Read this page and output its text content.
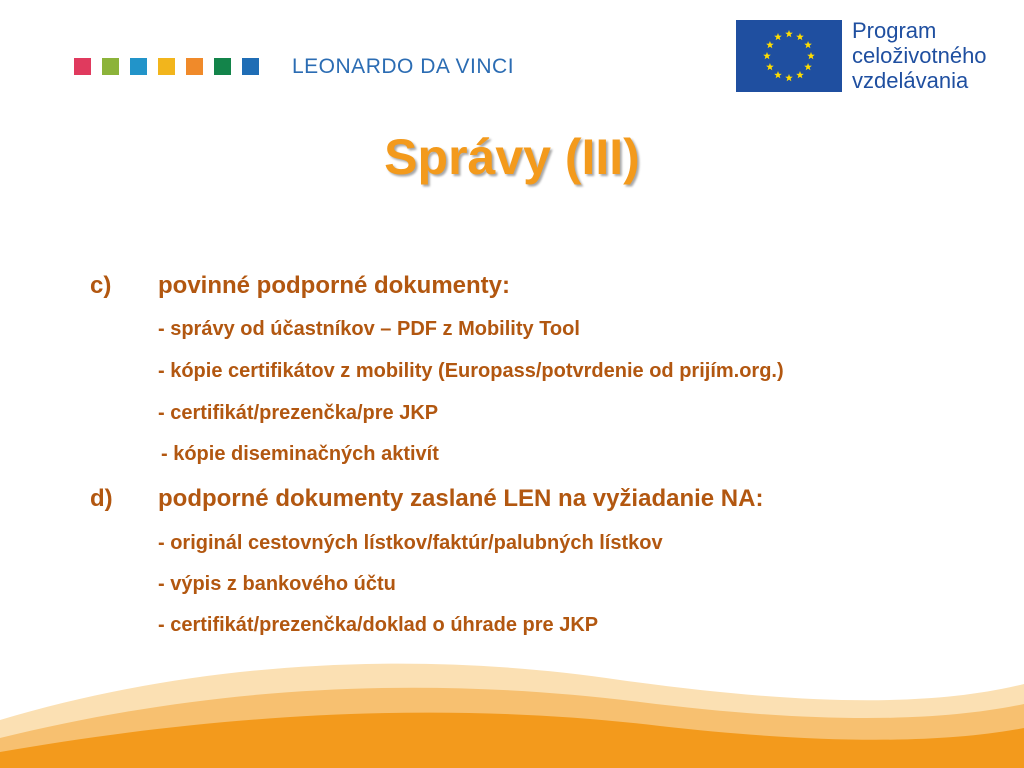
LEONARDO DA VINCI
Program
celoživotného
vzdelávania
Správy (III)
c) povinné podporné dokumenty:
- správy od účastníkov – PDF z Mobility Tool
- kópie certifikátov z mobility (Europass/potvrdenie od prijím.org.)
- certifikát/prezenčka/pre JKP
- kópie diseminačných aktivít
d) podporné dokumenty zaslané LEN na vyžiadanie NA:
- originál cestovných lístkov/faktúr/palubných lístkov
- výpis z bankového účtu
- certifikát/prezenčka/doklad o úhrade pre JKP
